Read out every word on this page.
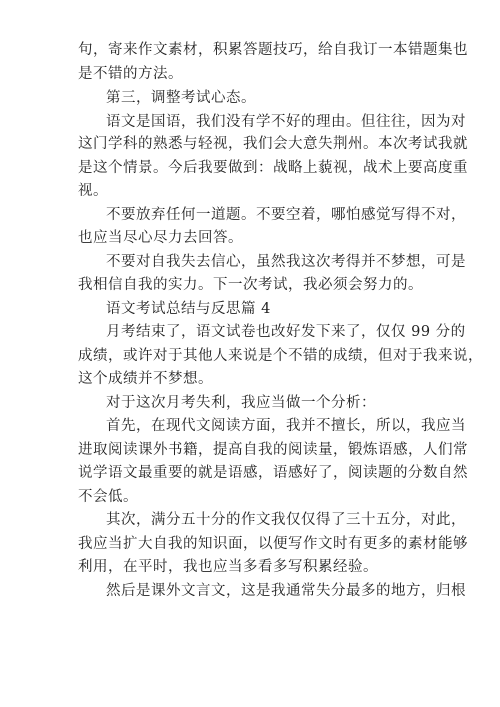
句，寄来作文素材，积累答题技巧，给自我订一本错题集也
是不错的方法。
第三，调整考试心态。
语文是国语，我们没有学不好的理由。但往往，因为对
这门学科的熟悉与轻视，我们会大意失荆州。本次考试我就
是这个情景。今后我要做到：战略上藐视，战术上要高度重
视。
不要放弃任何一道题。不要空着，哪怕感觉写得不对，
也应当尽心尽力去回答。
不要对自我失去信心，虽然我这次考得并不梦想，可是
我相信自我的实力。下一次考试，我必须会努力的。
语文考试总结与反思篇 4
月考结束了，语文试卷也改好发下来了，仅仅 99 分的
成绩，或许对于其他人来说是个不错的成绩，但对于我来说，
这个成绩并不梦想。
对于这次月考失利，我应当做一个分析：
首先，在现代文阅读方面，我并不擅长，所以，我应当
进取阅读课外书籍，提高自我的阅读量，锻炼语感，人们常
说学语文最重要的就是语感，语感好了，阅读题的分数自然
不会低。
其次，满分五十分的作文我仅仅得了三十五分，对此，
我应当扩大自我的知识面，以便写作文时有更多的素材能够
利用，在平时，我也应当多看多写积累经验。
然后是课外文言文，这是我通常失分最多的地方，归根
